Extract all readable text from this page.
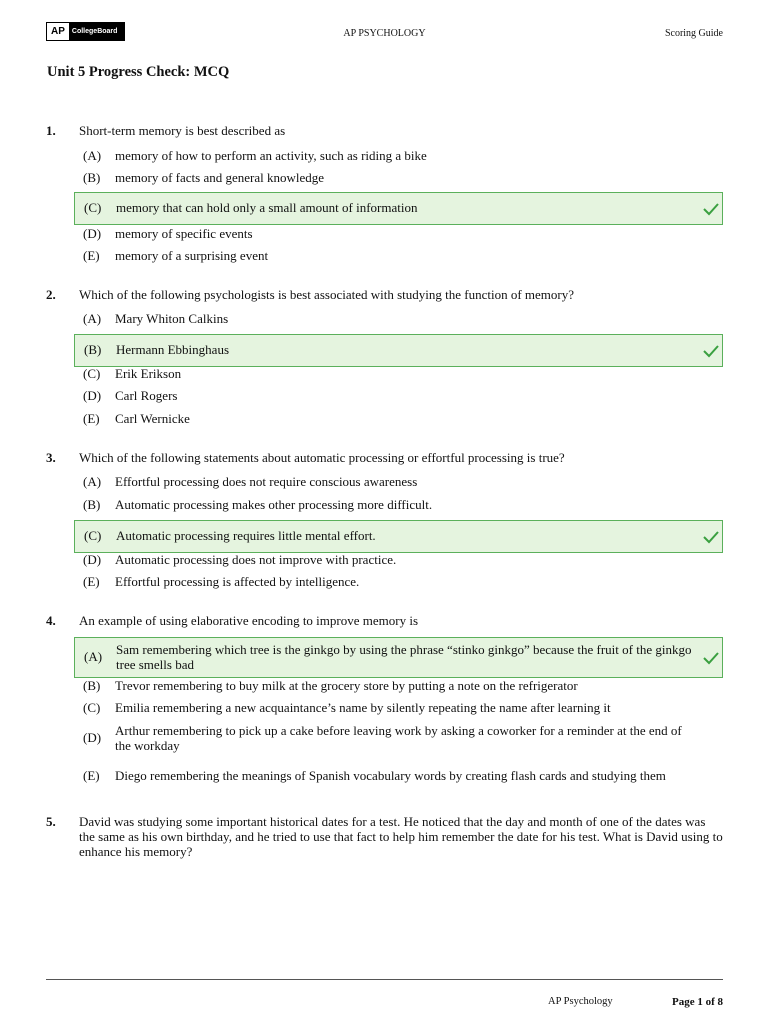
AP	CollegeBoard	AP PSYCHOLOGY	Scoring Guide
Unit 5 Progress Check: MCQ
1.	Short-term memory is best described as
(A)	memory of how to perform an activity, such as riding a bike
(B)	memory of facts and general knowledge
(C)	memory that can hold only a small amount of information
(D)	memory of specific events
(E)	memory of a surprising event
2.	Which of the following psychologists is best associated with studying the function of memory?
(A)	Mary Whiton Calkins
(B)	Hermann Ebbinghaus
(C)	Erik Erikson
(D)	Carl Rogers
(E)	Carl Wernicke
3.	Which of the following statements about automatic processing or effortful processing is true?
(A)	Effortful processing does not require conscious awareness
(B)	Automatic processing makes other processing more difficult.
(C)	Automatic processing requires little mental effort.
(D)	Automatic processing does not improve with practice.
(E)	Effortful processing is affected by intelligence.
4.	An example of using elaborative encoding to improve memory is
(A)	Sam remembering which tree is the ginkgo by using the phrase “stinko ginkgo” because the fruit of the ginkgo tree smells bad
(B)	Trevor remembering to buy milk at the grocery store by putting a note on the refrigerator
(C)	Emilia remembering a new acquaintance’s name by silently repeating the name after learning it
(D)	Arthur remembering to pick up a cake before leaving work by asking a coworker for a reminder at the end of the workday
(E)	Diego remembering the meanings of Spanish vocabulary words by creating flash cards and studying them
5.	David was studying some important historical dates for a test. He noticed that the day and month of one of the dates was the same as his own birthday, and he tried to use that fact to help him remember the date for his test. What is David using to enhance his memory?
AP Psychology	Page 1 of 8
